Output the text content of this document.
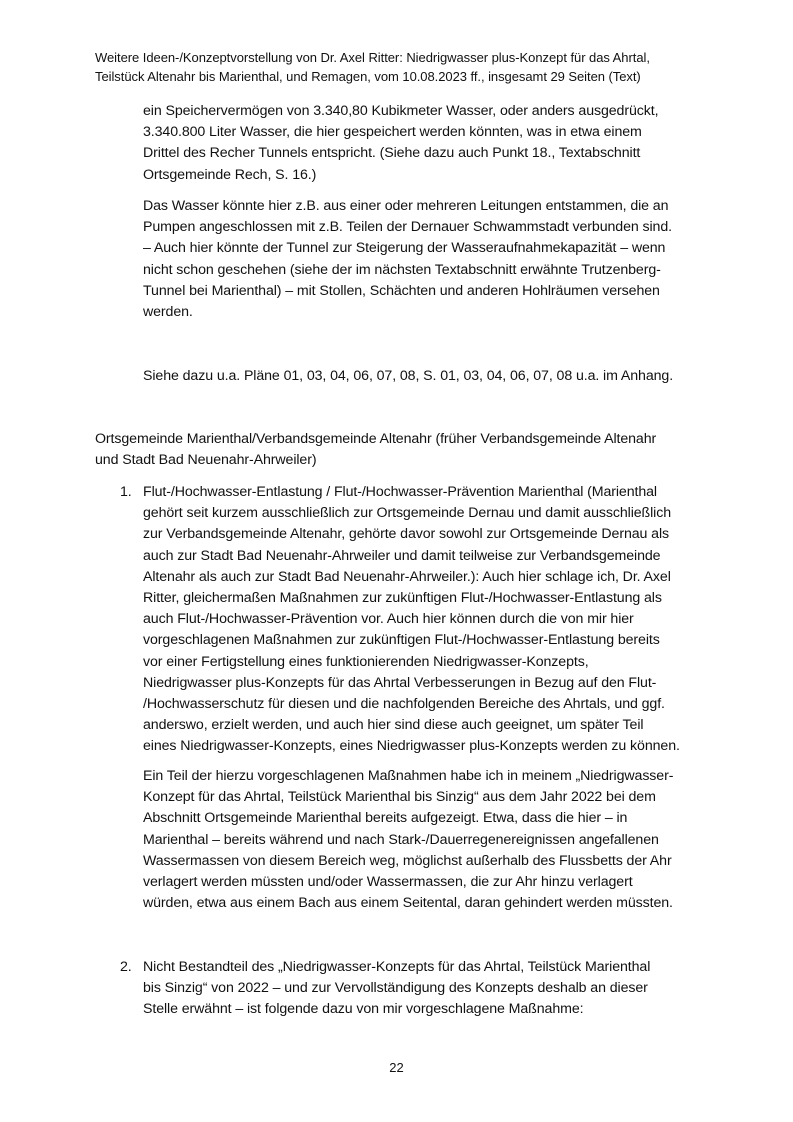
Weitere Ideen-/Konzeptvorstellung von Dr. Axel Ritter: Niedrigwasser plus-Konzept für das Ahrtal,

Teilstück Altenahr bis Marienthal, und Remagen, vom 10.08.2023 ff., insgesamt 29 Seiten (Text)

ein Speichervermögen von 3.340,80 Kubikmeter Wasser, oder anders ausgedrückt,
3.340.800 Liter Wasser, die hier gespeichert werden könnten, was in etwa einem
Drittel des Recher Tunnels entspricht. (Siehe dazu auch Punkt 18., Textabschnitt
Ortsgemeinde Rech, S. 16.)
Das Wasser könnte hier z.B. aus einer oder mehreren Leitungen entstammen, die an
Pumpen angeschlossen mit z.B. Teilen der Dernauer Schwammstadt verbunden sind.
– Auch hier könnte der Tunnel zur Steigerung der Wasseraufnahmekapazität – wenn
nicht schon geschehen (siehe der im nächsten Textabschnitt erwähnte Trutzenberg-
Tunnel bei Marienthal) – mit Stollen, Schächten und anderen Hohlräumen versehen
werden.
Siehe dazu u.a. Pläne 01, 03, 04, 06, 07, 08, S. 01, 03, 04, 06, 07, 08 u.a. im Anhang.
Ortsgemeinde Marienthal/Verbandsgemeinde Altenahr (früher Verbandsgemeinde Altenahr
und Stadt Bad Neuenahr-Ahrweiler)
1. Flut-/Hochwasser-Entlastung / Flut-/Hochwasser-Prävention Marienthal (Marienthal
gehört seit kurzem ausschließlich zur Ortsgemeinde Dernau und damit ausschließlich
zur Verbandsgemeinde Altenahr, gehörte davor sowohl zur Ortsgemeinde Dernau als
auch zur Stadt Bad Neuenahr-Ahrweiler und damit teilweise zur Verbandsgemeinde
Altenahr als auch zur Stadt Bad Neuenahr-Ahrweiler.): Auch hier schlage ich, Dr. Axel
Ritter, gleichermaßen Maßnahmen zur zukünftigen Flut-/Hochwasser-Entlastung als
auch Flut-/Hochwasser-Prävention vor. Auch hier können durch die von mir hier
vorgeschlagenen Maßnahmen zur zukünftigen Flut-/Hochwasser-Entlastung bereits
vor einer Fertigstellung eines funktionierenden Niedrigwasser-Konzepts,
Niedrigwasser plus-Konzepts für das Ahrtal Verbesserungen in Bezug auf den Flut-
/Hochwasserschutz für diesen und die nachfolgenden Bereiche des Ahrtals, und ggf.
anderswo, erzielt werden, und auch hier sind diese auch geeignet, um später Teil
eines Niedrigwasser-Konzepts, eines Niedrigwasser plus-Konzepts werden zu können.
Ein Teil der hierzu vorgeschlagenen Maßnahmen habe ich in meinem „Niedrigwasser-
Konzept für das Ahrtal, Teilstück Marienthal bis Sinzig“ aus dem Jahr 2022 bei dem
Abschnitt Ortsgemeinde Marienthal bereits aufgezeigt. Etwa, dass die hier – in
Marienthal – bereits während und nach Stark-/Dauerregenereignissen angefallenen
Wassermassen von diesem Bereich weg, möglichst außerhalb des Flussbetts der Ahr
verlagert werden müssten und/oder Wassermassen, die zur Ahr hinzu verlagert
würden, etwa aus einem Bach aus einem Seitental, daran gehindert werden müssten.
2. Nicht Bestandteil des „Niedrigwasser-Konzepts für das Ahrtal, Teilstück Marienthal
bis Sinzig“ von 2022 – und zur Vervollständigung des Konzepts deshalb an dieser
Stelle erwähnt – ist folgende dazu von mir vorgeschlagene Maßnahme:
22
